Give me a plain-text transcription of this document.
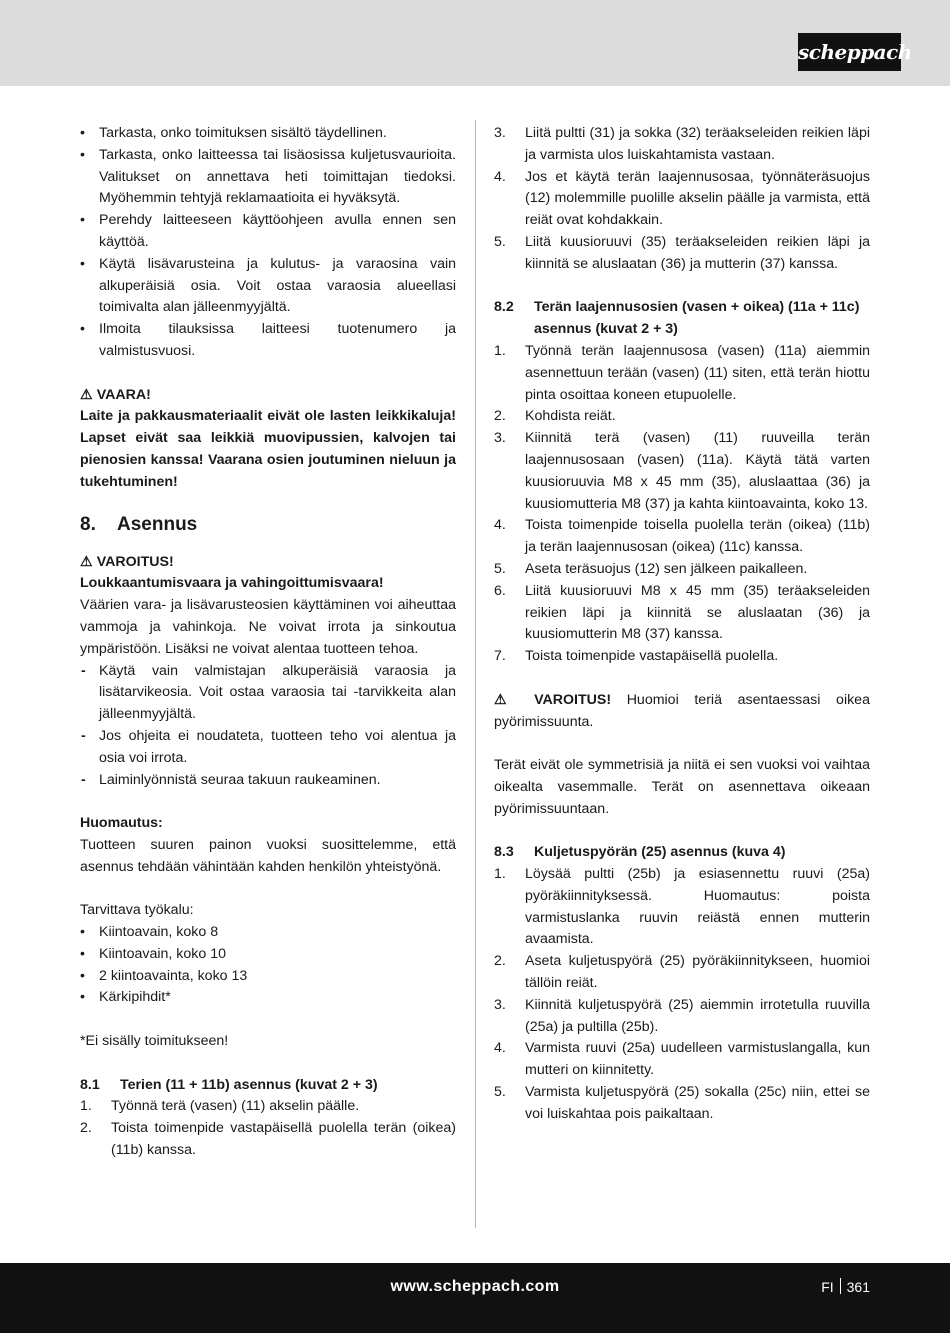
scheppach
• Tarkasta, onko toimituksen sisältö täydellinen.
• Tarkasta, onko laitteessa tai lisäosissa kuljetusvaurioita. Valitukset on annettava heti toimittajan tiedoksi. Myöhemmin tehtyjä reklamaatioita ei hyväksytä.
• Perehdy laitteeseen käyttöohjeen avulla ennen sen käyttöä.
• Käytä lisävarusteina ja kulutus- ja varaosina vain alkuperäisiä osia. Voit ostaa varaosia alueellasi toimivalta alan jälleenmyyjältä.
• Ilmoita tilauksissa laitteesi tuotenumero ja valmistusvuosi.

⚠ VAARA!

Laite ja pakkausmateriaalit eivät ole lasten leikkikaluja! Lapset eivät saa leikkiä muovipussien, kalvojen tai pienosien kanssa! Vaarana osien joutuminen nieluun ja tukehtuminen!

8. Asennus

⚠ VAROITUS!

Loukkaantumisvaara ja vahingoittumisvaara!

Väärien vara- ja lisävarusteosien käyttäminen voi aiheuttaa vammoja ja vahinkoja. Ne voivat irrota ja sinkoutua ympäristöön. Lisäksi ne voivat alentaa tuotteen tehoa.

- Käytä vain valmistajan alkuperäisiä varaosia ja lisätarvikeosia. Voit ostaa varaosia tai -tarvikkeita alan jälleenmyyjältä.
- Jos ohjeita ei noudateta, tuotteen teho voi alentua ja osia voi irrota.
- Laiminlyönnistä seuraa takuun raukeaminen.

Huomautus:

Tuotteen suuren painon vuoksi suosittelemme, että asennus tehdään vähintään kahden henkilön yhteistyönä.

Tarvittava työkalu:

• Kiintoavain, koko 8
• Kiintoavain, koko 10
• 2 kiintoavainta, koko 13
• Kärkipihdit*

*Ei sisälly toimitukseen!

8.1 Terien (11 + 11b) asennus (kuvat 2 + 3)
1. Työnnä terä (vasen) (11) akselin päälle.
2. Toista toimenpide vastapäisellä puolella terän (oikea) (11b) kanssa.
3. Liitä pultti (31) ja sokka (32) teräakseleiden reikien läpi ja varmista ulos luiskahtamista vastaan.
4. Jos et käytä terän laajennusosaa, työnnäteräsuojus (12) molemmille puolille akselin päälle ja varmista, että reiät ovat kohdakkain.
5. Liitä kuusioruuvi (35) teräakseleiden reikien läpi ja kiinnitä se aluslaatan (36) ja mutterin (37) kanssa.
8.2 Terän laajennusosien (vasen + oikea) (11a + 11c) asennus (kuvat 2 + 3)
1. Työnnä terän laajennusosa (vasen) (11a) aiemmin asennettuun terään (vasen) (11) siten, että terän hiottu pinta osoittaa koneen etupuolelle.
2. Kohdista reiät.
3. Kiinnitä terä (vasen) (11) ruuveilla terän laajennusosaan (vasen) (11a). Käytä tätä varten kuusioruuvia M8 x 45 mm (35), aluslaattaa (36) ja kuusiomutteria M8 (37) ja kahta kiintoavainta, koko 13.
4. Toista toimenpide toisella puolella terän (oikea) (11b) ja terän laajennusosan (oikea) (11c) kanssa.
5. Aseta teräsuojus (12) sen jälkeen paikalleen.
6. Liitä kuusioruuvi M8 x 45 mm (35) teräakseleiden reikien läpi ja kiinnitä se aluslaatan (36) ja kuusiomutterin M8 (37) kanssa.
7. Toista toimenpide vastapäisellä puolella.

⚠ VAROITUS! Huomioi teriä asentaessasi oikea pyörimissuunta.

Terät eivät ole symmetrisiä ja niitä ei sen vuoksi voi vaihtaa oikealta vasemmalle. Terät on asennettava oikeaan pyörimissuuntaan.

8.3 Kuljetuspyörän (25) asennus (kuva 4)
1. Löysää pultti (25b) ja esiasennettu ruuvi (25a) pyöräkiinnityksessä. Huomautus: poista varmistuslanka ruuvin reiästä ennen mutterin avaamista.
2. Aseta kuljetuspyörä (25) pyöräkiinnitykseen, huomioi tällöin reiät.
3. Kiinnitä kuljetuspyörä (25) aiemmin irrotetulla ruuvilla (25a) ja pultilla (25b).
4. Varmista ruuvi (25a) uudelleen varmistuslangalla, kun mutteri on kiinnitetty.
5. Varmista kuljetuspyörä (25) sokalla (25c) niin, ettei se voi luiskahtaa pois paikaltaan.
www.scheppach.com	FI 361
